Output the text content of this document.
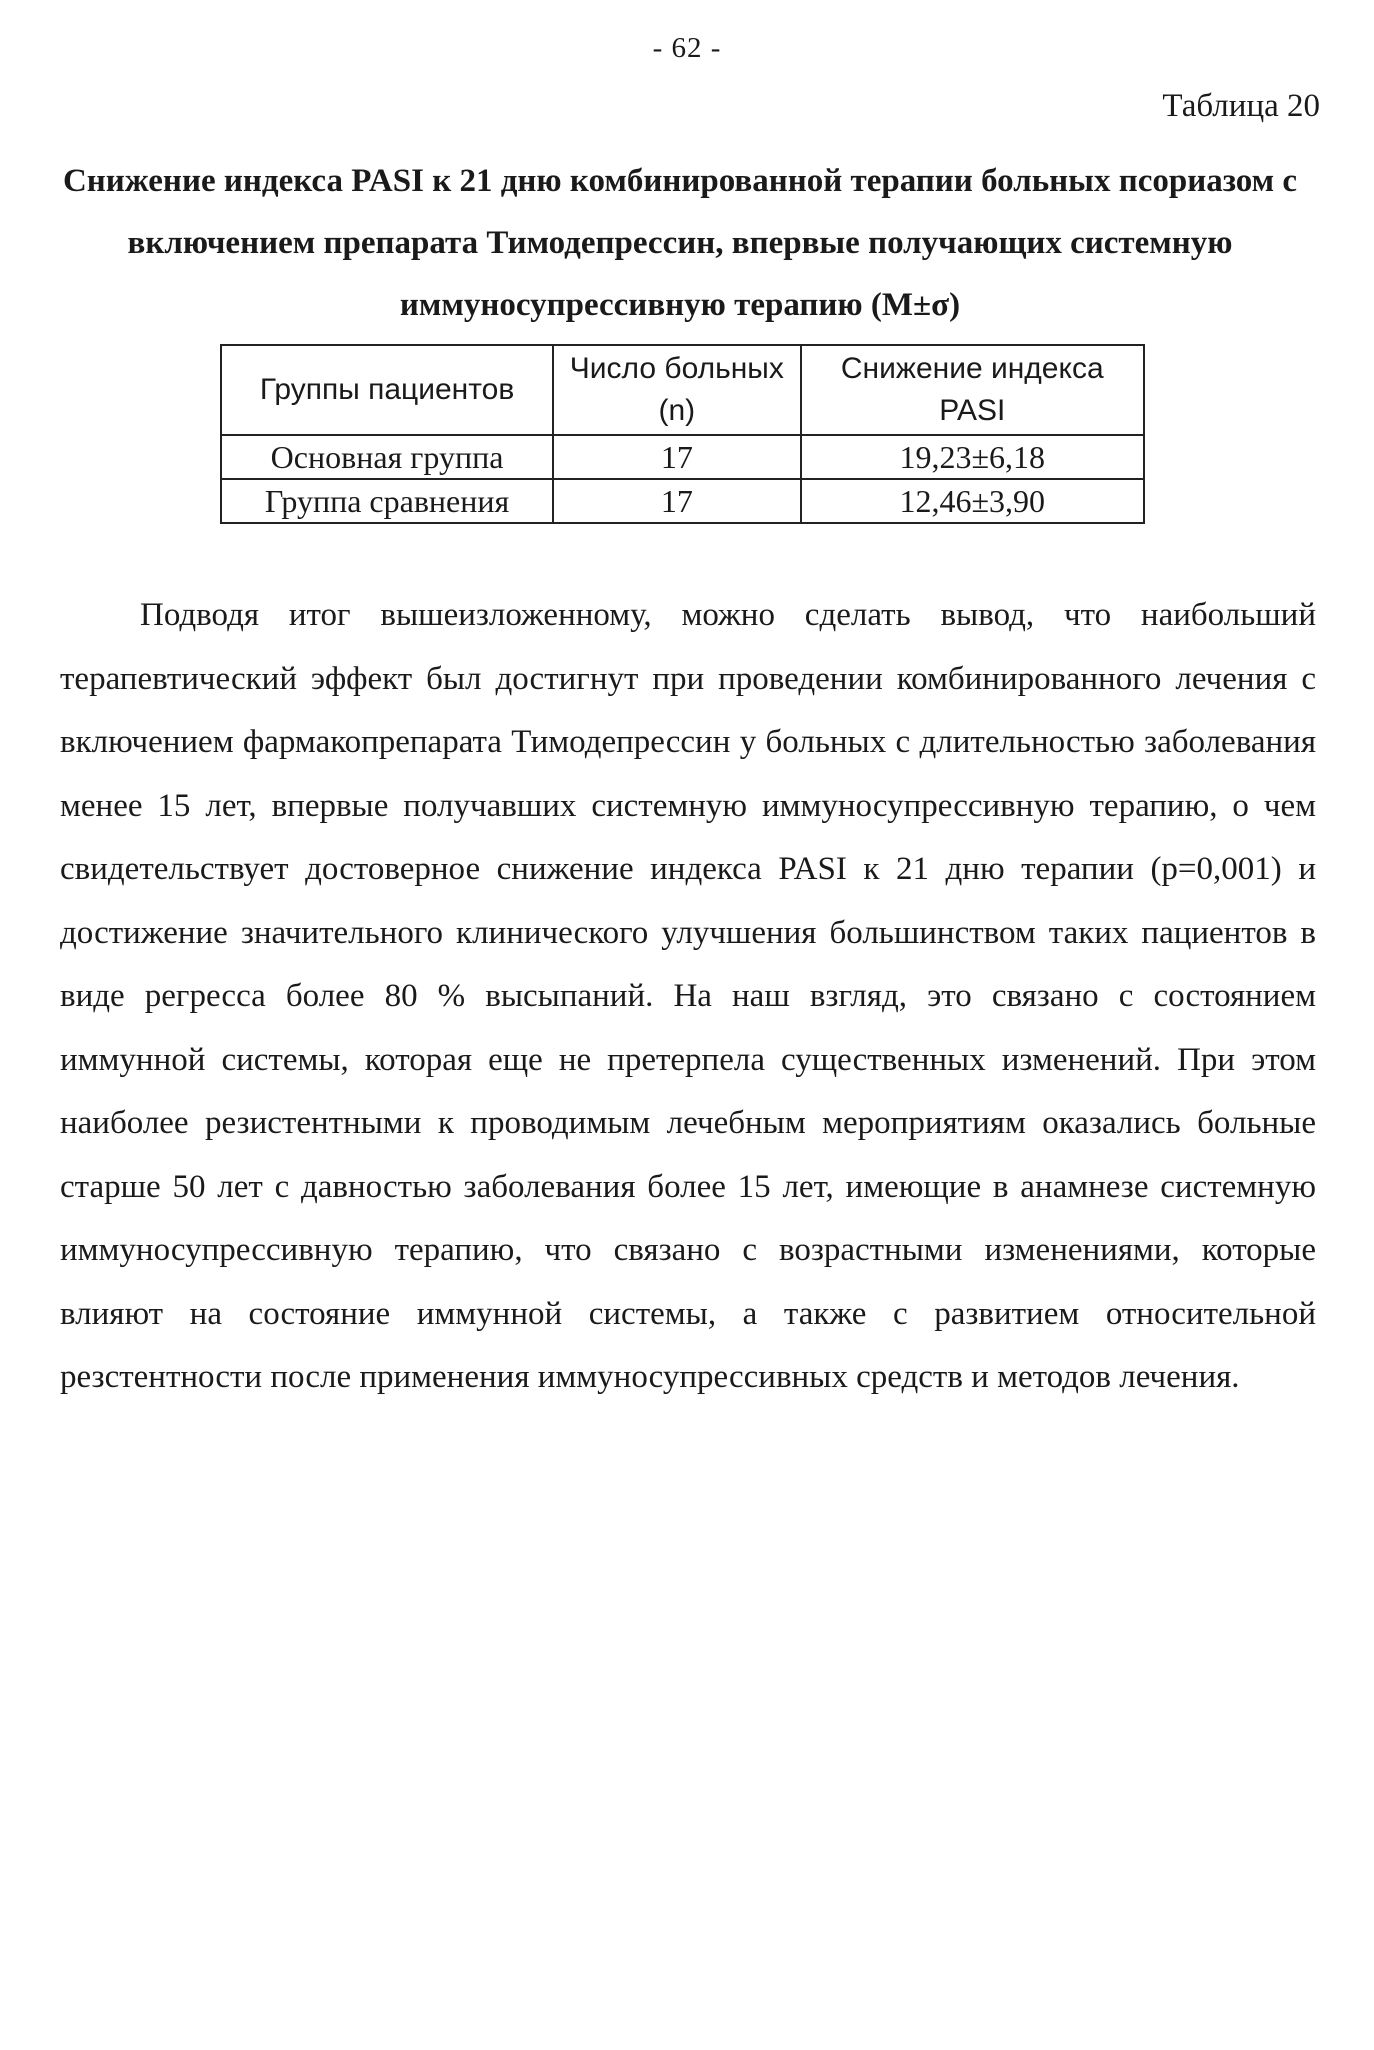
- 62 -
Таблица 20
Снижение индекса PASI к 21 дню комбинированной терапии больных псориазом с включением препарата Тимодепрессин, впервые получающих системную иммуносупрессивную терапию (M±σ)
Группы пациентов	Число больных (n)	Снижение индекса PASI
Основная группа	17	19,23±6,18
Группа сравнения	17	12,46±3,90

Подводя итог вышеизложенному, можно сделать вывод, что наибольший терапевтический эффект был достигнут при проведении комбинированного лечения с включением фармакопрепарата Тимодепрессин у больных с длительностью заболевания менее 15 лет, впервые получавших системную иммуносупрессивную терапию, о чем свидетельствует достоверное снижение индекса PASI к 21 дню терапии (p=0,001) и достижение значительного клинического улучшения большинством таких пациентов в виде регресса более 80 % высыпаний. На наш взгляд, это связано с состоянием иммунной системы, которая еще не претерпела существенных изменений. При этом наиболее резистентными к проводимым лечебным мероприятиям оказались больные старше 50 лет с давностью заболевания более 15 лет, имеющие в анамнезе системную иммуносупрессивную терапию, что связано с возрастными изменениями, которые влияют на состояние иммунной системы, а также с развитием относительной резстентности после применения иммуносупрессивных средств и методов лечения.
